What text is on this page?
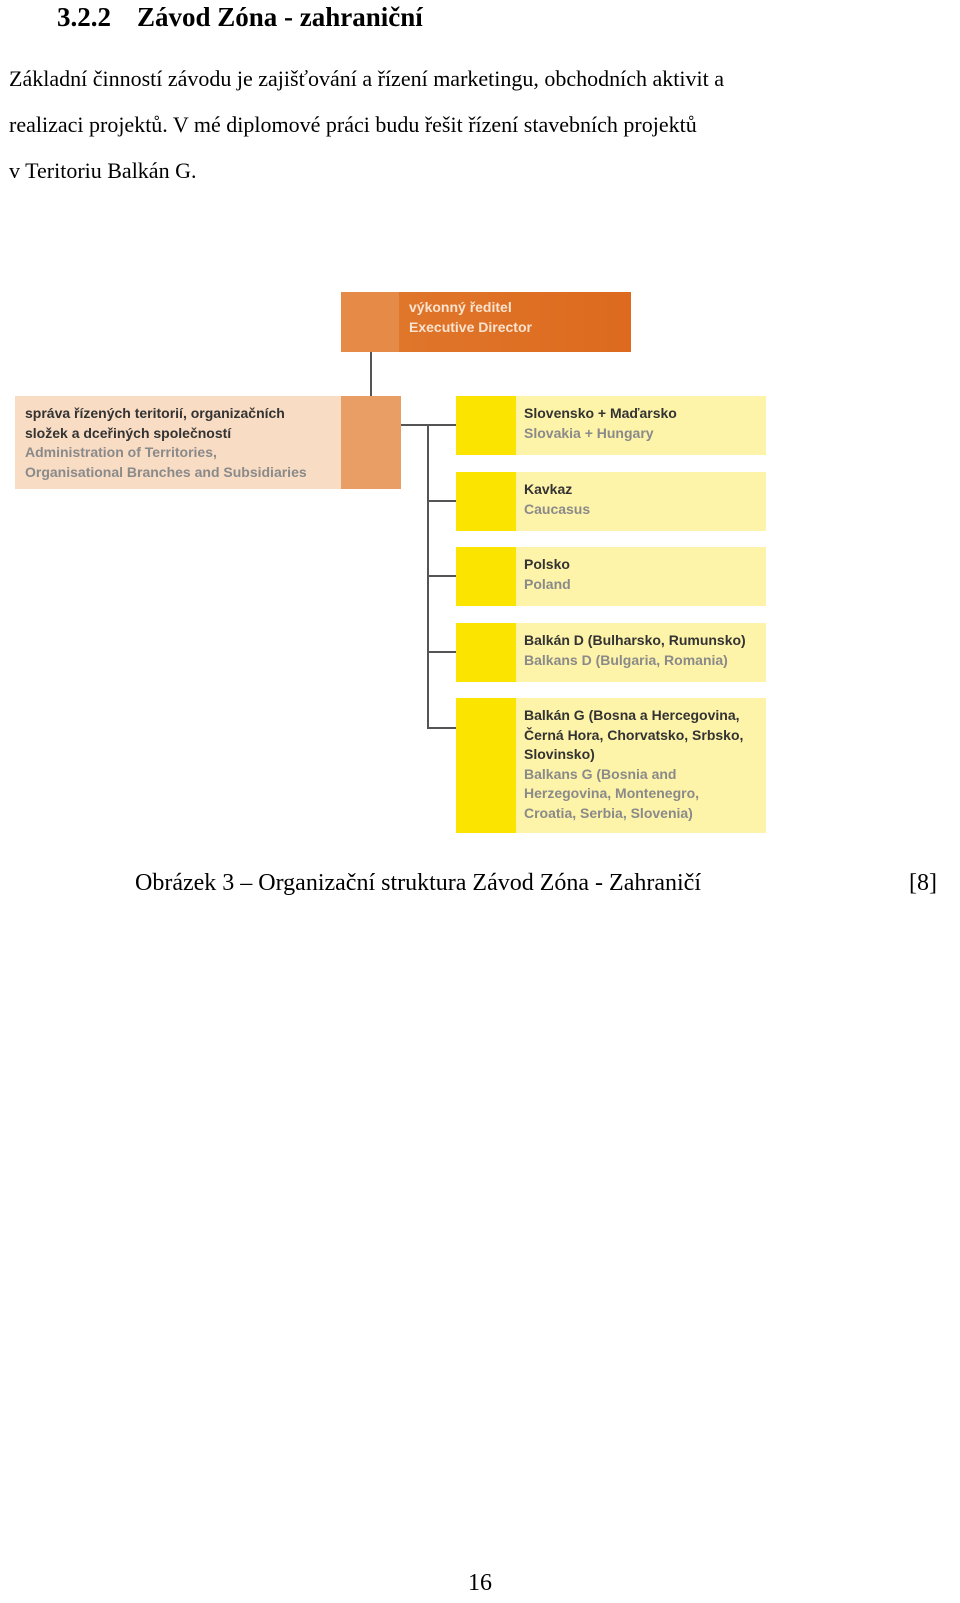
3.2.2 Závod Zóna - zahraniční

Základní činností závodu je zajišťování a řízení marketingu, obchodních aktivit a
realizaci projektů. V mé diplomové práci budu řešit řízení stavebních projektů
v Teritoriu Balkán G.

výkonný ředitel
Executive Director
správa řízených teritorií, organizačních
složek a dceřiných společností
Administration of Territories,
Organisational Branches and Subsidiaries
Slovensko + Maďarsko
Slovakia + Hungary
Kavkaz
Caucasus
Polsko
Poland
Balkán D (Bulharsko, Rumunsko)
Balkans D (Bulgaria, Romania)
Balkán G (Bosna a Hercegovina,
Černá Hora, Chorvatsko, Srbsko,
Slovinsko)
Balkans G (Bosnia and
Herzegovina, Montenegro,
Croatia, Serbia, Slovenia)
Obrázek 3 – Organizační struktura Závod Zóna - Zahraničí	[8]
16
